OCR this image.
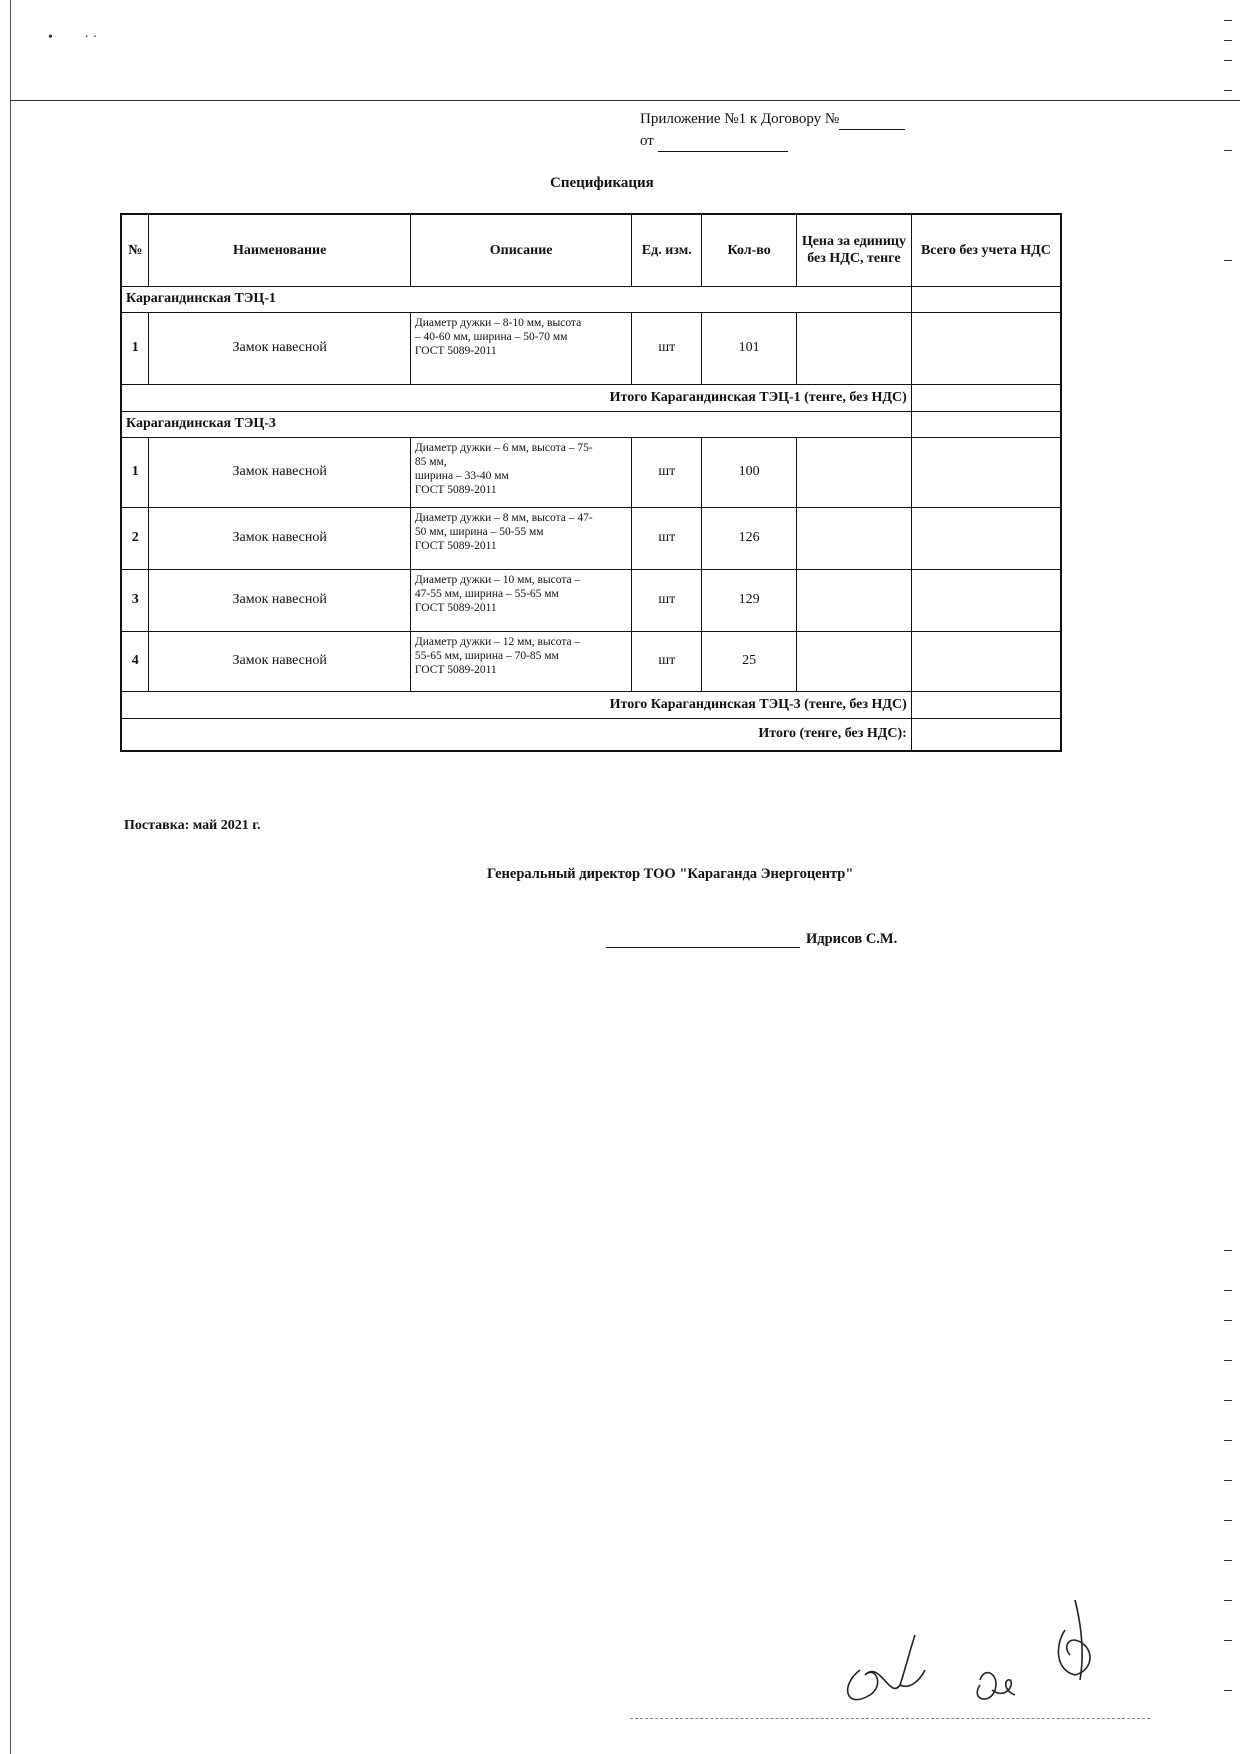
•         · ·
Приложение №1 к Договору №
от
Спецификация
№	Наименование	Описание	Ед. изм.	Кол-во	Цена за единицу без НДС, тенге	Всего без учета НДС
Карагандинская ТЭЦ-1						
1	Замок навесной	Диаметр дужки – 8-10 мм, высота
– 40-60 мм, ширина – 50-70 мм
ГОСТ 5089-2011	шт	101		
Итого Карагандинская ТЭЦ-1 (тенге, без НДС)						
Карагандинская ТЭЦ-3						
1	Замок навесной	Диаметр дужки – 6 мм, высота – 75-
85 мм,
ширина – 33-40 мм
ГОСТ 5089-2011	шт	100		
2	Замок навесной	Диаметр дужки – 8 мм, высота – 47-
50 мм, ширина – 50-55 мм
ГОСТ 5089-2011	шт	126		
3	Замок навесной	Диаметр дужки – 10 мм, высота –
47-55 мм, ширина – 55-65 мм
ГОСТ 5089-2011	шт	129		
4	Замок навесной	Диаметр дужки – 12 мм, высота –
55-65 мм, ширина – 70-85 мм
ГОСТ 5089-2011	шт	25		
Итого Карагандинская ТЭЦ-3 (тенге, без НДС)						
Итого (тенге, без НДС):						
Поставка: май 2021 г.
Генеральный директор ТОО "Караганда Энергоцентр"
Идрисов С.М.
